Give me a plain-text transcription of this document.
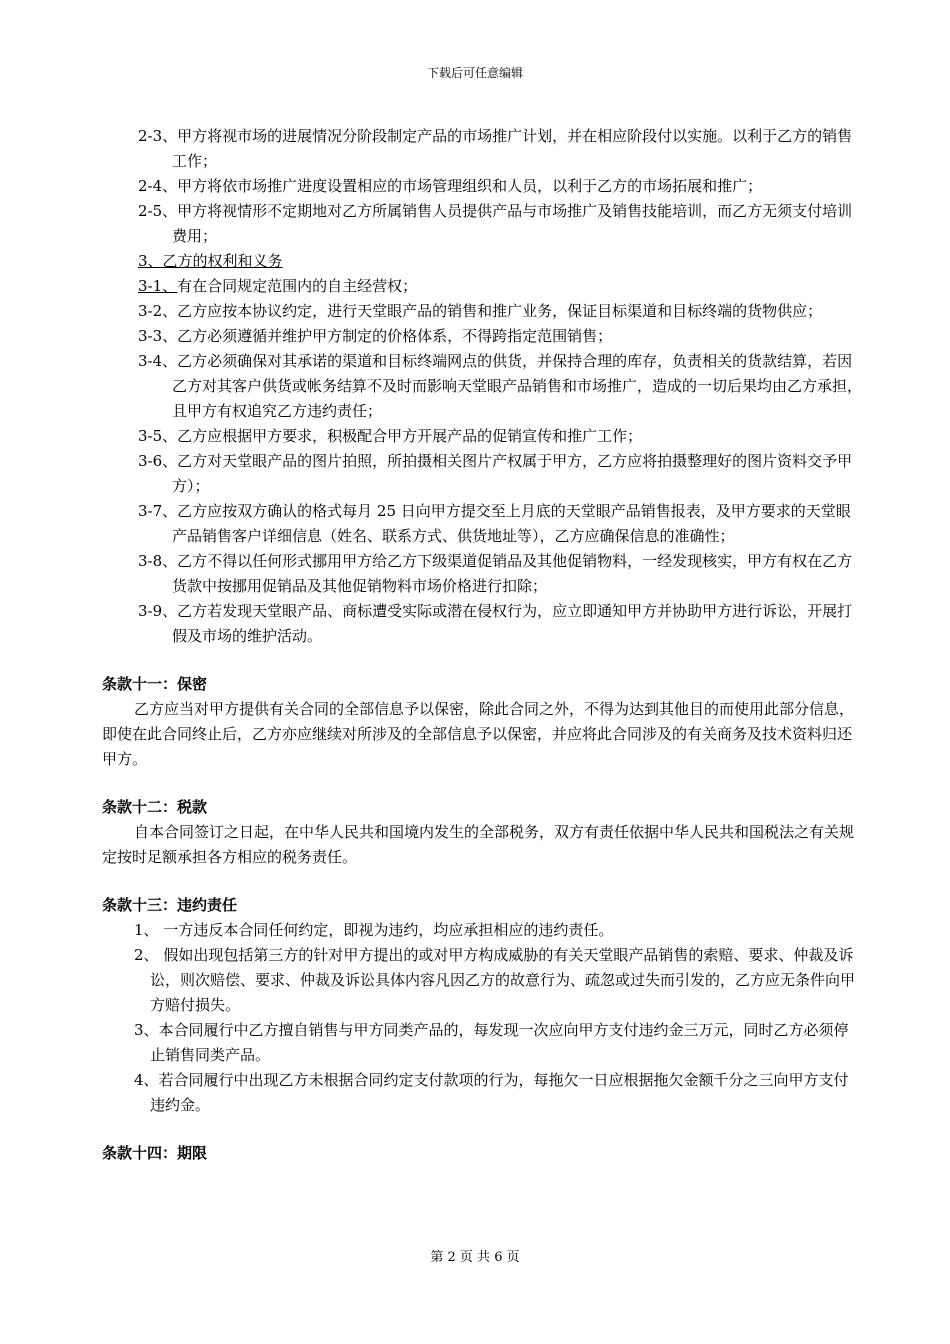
下载后可任意编辑
2-3、甲方将视市场的进展情况分阶段制定产品的市场推广计划，并在相应阶段付以实施。以利于乙方的销售工作；
2-4、甲方将依市场推广进度设置相应的市场管理组织和人员，以利于乙方的市场拓展和推广；
2-5、甲方将视情形不定期地对乙方所属销售人员提供产品与市场推广及销售技能培训，而乙方无须支付培训费用；
3、乙方的权利和义务
3-1、有在合同规定范围内的自主经营权；
3-2、乙方应按本协议约定，进行天堂眼产品的销售和推广业务，保证目标渠道和目标终端的货物供应；
3-3、乙方必须遵循并维护甲方制定的价格体系，不得跨指定范围销售；
3-4、乙方必须确保对其承诺的渠道和目标终端网点的供货，并保持合理的库存，负责相关的货款结算，若因乙方对其客户供货或帐务结算不及时而影响天堂眼产品销售和市场推广，造成的一切后果均由乙方承担，且甲方有权追究乙方违约责任；
3-5、乙方应根据甲方要求，积极配合甲方开展产品的促销宣传和推广工作；
3-6、乙方对天堂眼产品的图片拍照，所拍摄相关图片产权属于甲方，乙方应将拍摄整理好的图片资料交予甲方）；
3-7、乙方应按双方确认的格式每月 25 日向甲方提交至上月底的天堂眼产品销售报表，及甲方要求的天堂眼产品销售客户详细信息（姓名、联系方式、供货地址等），乙方应确保信息的准确性；
3-8、乙方不得以任何形式挪用甲方给乙方下级渠道促销品及其他促销物料，一经发现核实，甲方有权在乙方货款中按挪用促销品及其他促销物料市场价格进行扣除；
3-9、乙方若发现天堂眼产品、商标遭受实际或潜在侵权行为，应立即通知甲方并协助甲方进行诉讼，开展打假及市场的维护活动。
条款十一：保密
乙方应当对甲方提供有关合同的全部信息予以保密，除此合同之外，不得为达到其他目的而使用此部分信息，即使在此合同终止后，乙方亦应继续对所涉及的全部信息予以保密，并应将此合同涉及的有关商务及技术资料归还甲方。
条款十二：税款
自本合同签订之日起，在中华人民共和国境内发生的全部税务，双方有责任依据中华人民共和国税法之有关规定按时足额承担各方相应的税务责任。
条款十三：违约责任
1、 一方违反本合同任何约定，即视为违约，均应承担相应的违约责任。
2、 假如出现包括第三方的针对甲方提出的或对甲方构成威胁的有关天堂眼产品销售的索赔、要求、仲裁及诉讼，则次赔偿、要求、仲裁及诉讼具体内容凡因乙方的故意行为、疏忽或过失而引发的，乙方应无条件向甲方赔付损失。
3、本合同履行中乙方擅自销售与甲方同类产品的，每发现一次应向甲方支付违约金三万元，同时乙方必须停止销售同类产品。
4、若合同履行中出现乙方未根据合同约定支付款项的行为，每拖欠一日应根据拖欠金额千分之三向甲方支付违约金。
条款十四：期限
第 2 页 共 6 页
